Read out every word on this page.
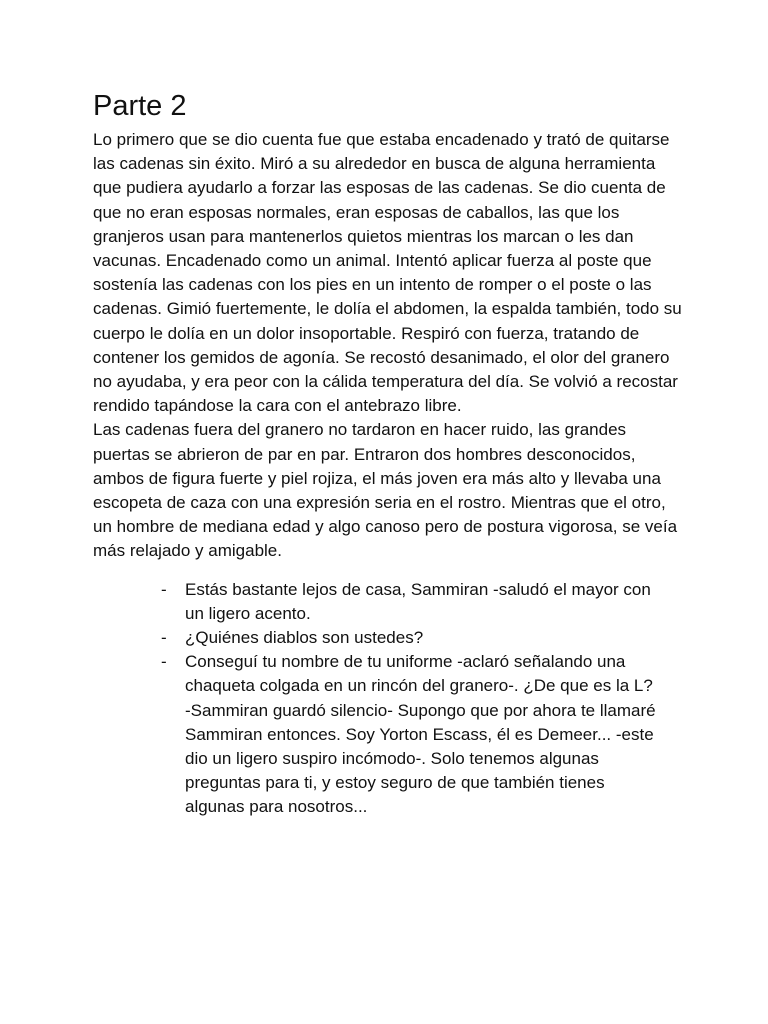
Parte 2

Lo primero que se dio cuenta fue que estaba encadenado y trató de quitarse las cadenas sin éxito. Miró a su alrededor en busca de alguna herramienta que pudiera ayudarlo a forzar las esposas de las cadenas. Se dio cuenta de que no eran esposas normales, eran esposas de caballos, las que los granjeros usan para mantenerlos quietos mientras los marcan o les dan vacunas. Encadenado como un animal. Intentó aplicar fuerza al poste que sostenía las cadenas con los pies en un intento de romper o el poste o las cadenas. Gimió fuertemente, le dolía el abdomen, la espalda también, todo su cuerpo le dolía en un dolor insoportable. Respiró con fuerza, tratando de contener los gemidos de agonía. Se recostó desanimado, el olor del granero no ayudaba, y era peor con la cálida temperatura del día. Se volvió a recostar rendido tapándose la cara con el antebrazo libre.

Las cadenas fuera del granero no tardaron en hacer ruido, las grandes puertas se abrieron de par en par. Entraron dos hombres desconocidos, ambos de figura fuerte y piel rojiza, el más joven era más alto y llevaba una escopeta de caza con una expresión seria en el rostro. Mientras que el otro, un hombre de mediana edad y algo canoso pero de postura vigorosa, se veía más relajado y amigable.

- Estás bastante lejos de casa, Sammiran -saludó el mayor con un ligero acento.
- ¿Quiénes diablos son ustedes?
- Conseguí tu nombre de tu uniforme -aclaró señalando una chaqueta colgada en un rincón del granero-. ¿De que es la L? -Sammiran guardó silencio- Supongo que por ahora te llamaré Sammiran entonces. Soy Yorton Escass, él es Demeer... -este dio un ligero suspiro incómodo-. Solo tenemos algunas preguntas para ti, y estoy seguro de que también tienes algunas para nosotros...
